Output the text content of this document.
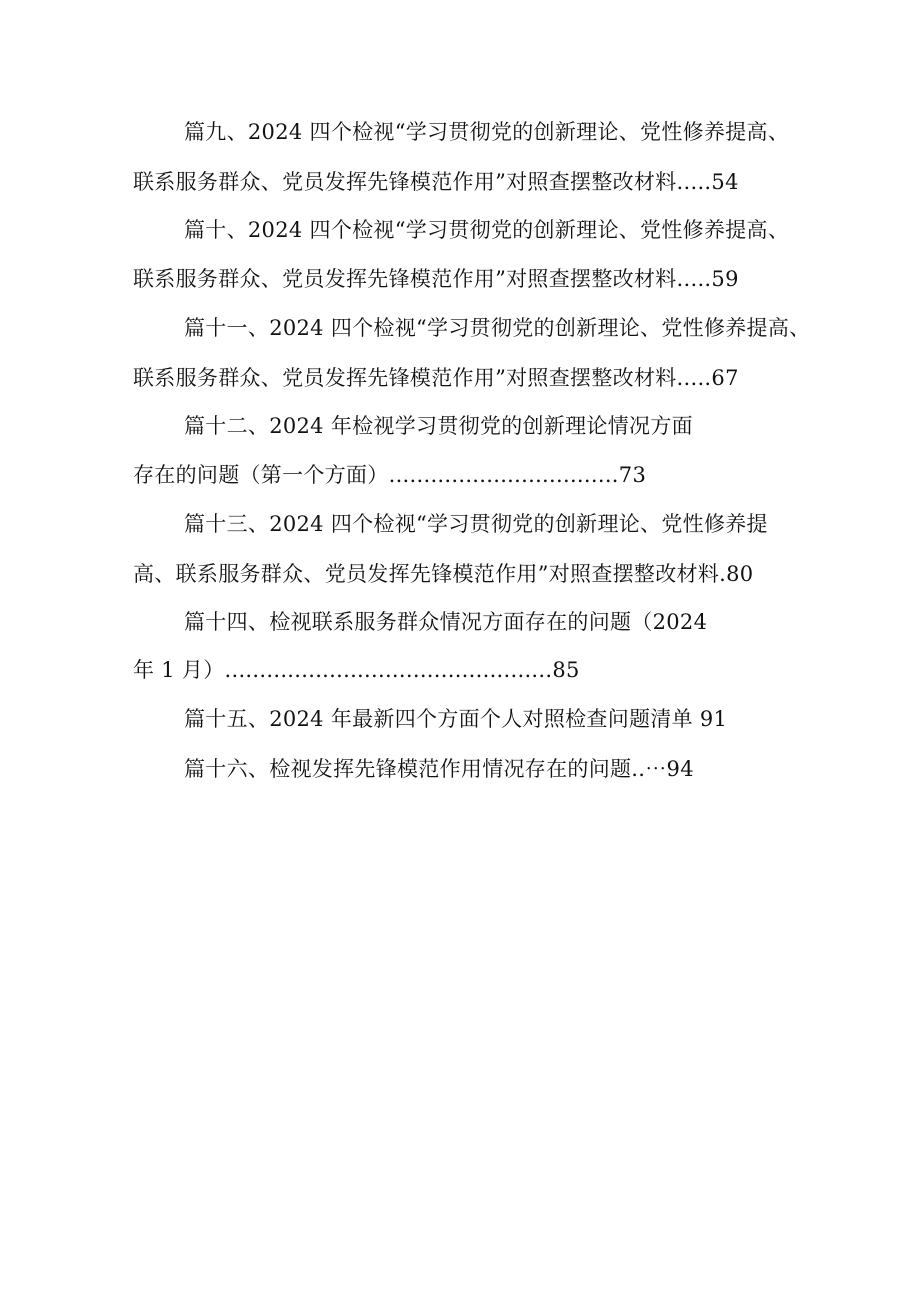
篇九、2024 四个检视“学习贯彻党的创新理论、党性修养提高、
联系服务群众、党员发挥先锋模范作用”对照查摆整改材料.....54
篇十、2024 四个检视“学习贯彻党的创新理论、党性修养提高、
联系服务群众、党员发挥先锋模范作用”对照查摆整改材料.....59
篇十一、2024 四个检视“学习贯彻党的创新理论、党性修养提高、
联系服务群众、党员发挥先锋模范作用”对照查摆整改材料.....67
篇十二、2024 年检视学习贯彻党的创新理论情况方面
存在的问题（第一个方面）.................................73
篇十三、2024 四个检视“学习贯彻党的创新理论、党性修养提
高、联系服务群众、党员发挥先锋模范作用”对照查摆整改材料.80
篇十四、检视联系服务群众情况方面存在的问题（2024
年 1 月）...............................................85
篇十五、2024 年最新四个方面个人对照检查问题清单 91
篇十六、检视发挥先锋模范作用情况存在的问题..⋯94
